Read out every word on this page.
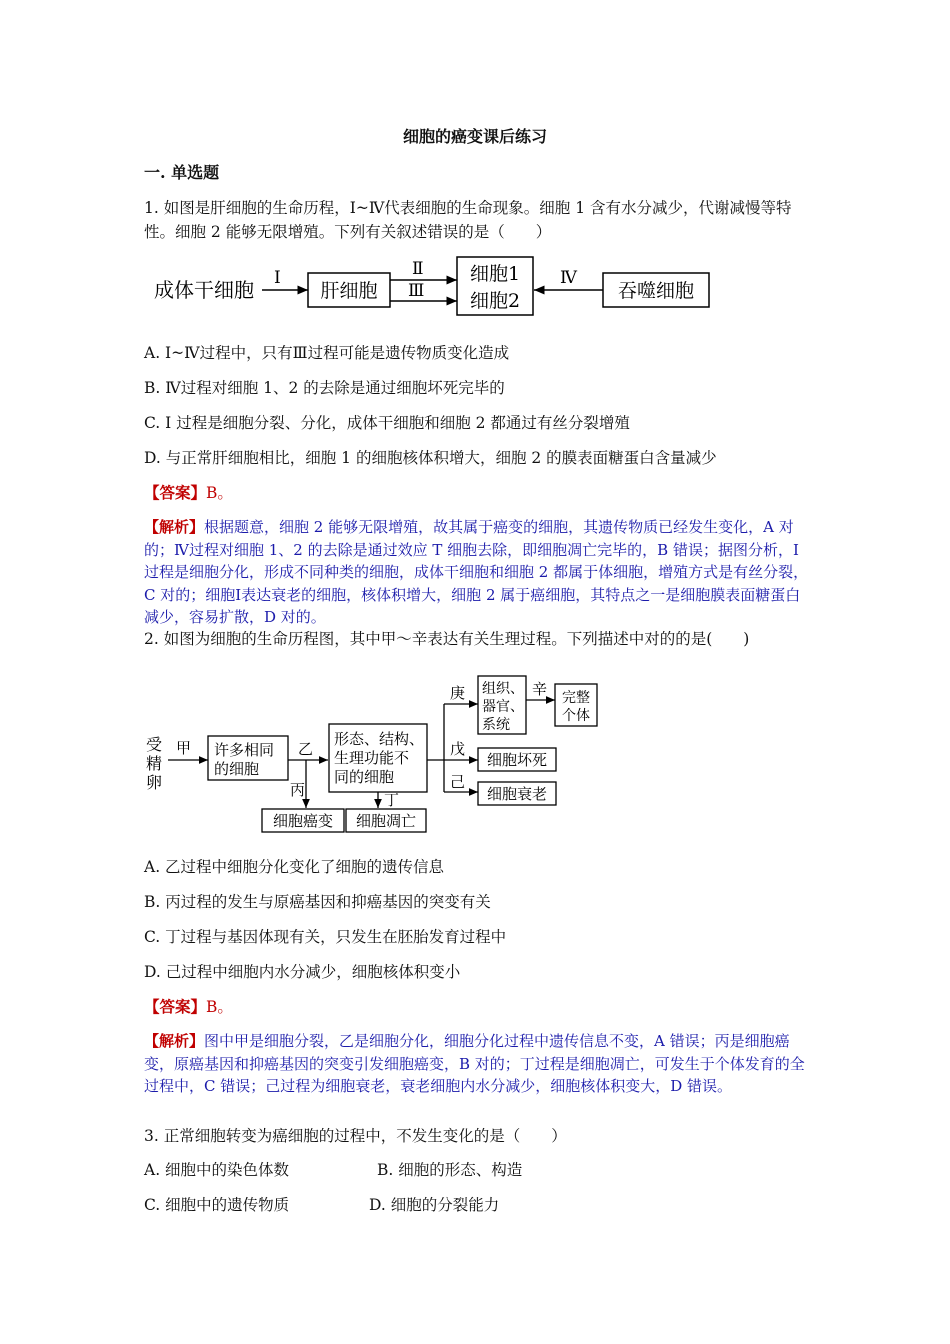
细胞的癌变课后练习
一. 单选题
1. 如图是肝细胞的生命历程，Ⅰ~Ⅳ代表细胞的生命现象。细胞 1 含有水分减少，代谢减慢等特性。细胞 2 能够无限增殖。下列有关叙述错误的是（　　）
成体干细胞 Ⅰ
肝细胞
Ⅱ
Ⅲ
细胞1
细胞2
Ⅳ
吞噬细胞
A. Ⅰ~Ⅳ过程中，只有Ⅲ过程可能是遗传物质变化造成
B. Ⅳ过程对细胞 1、2 的去除是通过细胞坏死完毕的
C. Ⅰ 过程是细胞分裂、分化，成体干细胞和细胞 2 都通过有丝分裂增殖
D. 与正常肝细胞相比，细胞 1 的细胞核体积增大，细胞 2 的膜表面糖蛋白含量减少
【答案】B。
【解析】根据题意，细胞 2 能够无限增殖，故其属于癌变的细胞，其遗传物质已经发生变化，A 对的；Ⅳ过程对细胞 1、2 的去除是通过效应 T 细胞去除，即细胞凋亡完毕的，B 错误；据图分析，Ⅰ过程是细胞分化，形成不同种类的细胞，成体干细胞和细胞 2 都属于体细胞，增殖方式是有丝分裂，C 对的；细胞Ⅰ表达衰老的细胞，核体积增大，细胞 2 属于癌细胞，其特点之一是细胞膜表面糖蛋白减少，容易扩散，D 对的。
2. 如图为细胞的生命历程图，其中甲～辛表达有关生理过程。下列描述中对的的是(　　)
受
精
卵
甲 许多相同
的细胞
乙
丙
细胞癌变
形态、结构、
生理功能不
同的细胞
丁
细胞凋亡
庚
戊
己
组织、
器官、
系统
辛 完整
个体
细胞坏死
细胞衰老
A. 乙过程中细胞分化变化了细胞的遗传信息
B. 丙过程的发生与原癌基因和抑癌基因的突变有关
C. 丁过程与基因体现有关，只发生在胚胎发育过程中
D. 己过程中细胞内水分减少，细胞核体积变小
【答案】B。
【解析】图中甲是细胞分裂，乙是细胞分化，细胞分化过程中遗传信息不变，A 错误；丙是细胞癌变，原癌基因和抑癌基因的突变引发细胞癌变，B 对的；丁过程是细胞凋亡，可发生于个体发育的全过程中，C 错误；己过程为细胞衰老，衰老细胞内水分减少，细胞核体积变大，D 错误。
3. 正常细胞转变为癌细胞的过程中，不发生变化的是（　　）
A. 细胞中的染色体数	B. 细胞的形态、构造
C. 细胞中的遗传物质	D. 细胞的分裂能力
